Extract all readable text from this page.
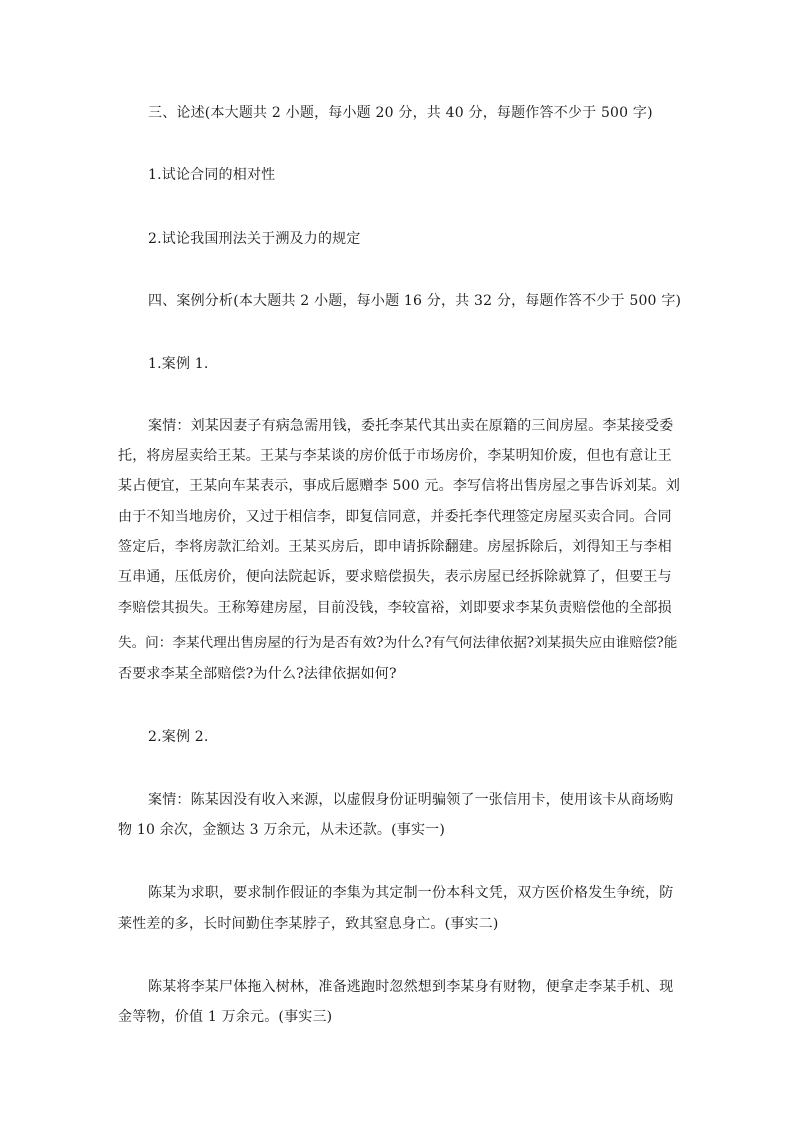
三、论述(本大题共 2 小题，每小题 20 分，共 40 分，每题作答不少于 500 字)
1.试论合同的相对性
2.试论我国刑法关于溯及力的规定
四、案例分析(本大题共 2 小题，每小题 16 分，共 32 分，每题作答不少于 500 字)
1.案例 1.
案情：刘某因妻子有病急需用钱，委托李某代其出卖在原籍的三间房屋。李某接受委
托，将房屋卖给王某。王某与李某谈的房价低于市场房价，李某明知价废，但也有意让王
某占便宜，王某向车某表示，事成后愿赠李 500 元。李写信将出售房屋之事告诉刘某。刘
由于不知当地房价，又过于相信李，即复信同意，并委托李代理签定房屋买卖合同。合同
签定后，李将房款汇给刘。王某买房后，即申请拆除翻建。房屋拆除后，刘得知王与李相
互串通，压低房价，便向法院起诉，要求赔偿损失，表示房屋已经拆除就算了，但要王与
李赔偿其损失。王称筹建房屋，目前没钱，李较富裕，刘即要求李某负责赔偿他的全部损
失。问：李某代理出售房屋的行为是否有效?为什么?有气何法律依据?刘某损失应由谁赔偿?能
否要求李某全部赔偿?为什么?法律依据如何?
2.案例 2.
案情：陈某因没有收入来源，以虚假身份证明骗领了一张信用卡，使用该卡从商场购
物 10 余次，金额达 3 万余元，从未还款。(事实一)
陈某为求职，要求制作假证的李集为其定制一份本科文凭，双方医价格发生争统，防
莱性差的多，长时间勤住李某脖子，致其窒息身亡。(事实二)
陈某将李某尸体拖入树林，准备逃跑时忽然想到李某身有财物，便拿走李某手机、现
金等物，价值 1 万余元。(事实三)
